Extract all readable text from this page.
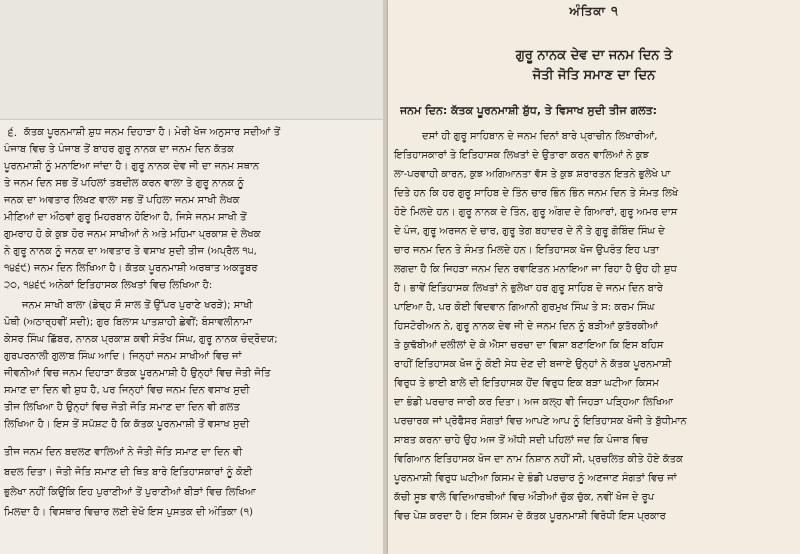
੬. ਕੱਤਕ ਪੂਰਨਮਾਸ਼ੀ ਸ਼ੁਧ ਜਨਮ ਦਿਹਾੜਾ ਹੈ। ਮੇਰੀ ਖੋਜ ਅਨੁਸਾਰ ਸਦੀਆਂ ਤੋਂ
ਪੰਜਾਬ ਵਿਚ ਤੇ ਪੰਜਾਬ ਤੋਂ ਬਾਹਰ ਗੁਰੂ ਨਾਨਕ ਦਾ ਜਨਮ ਦਿਨ ਕੱਤਕ
ਪੂਰਨਮਾਸ਼ੀ ਨੂੰ ਮਨਾਇਆ ਜਾਂਦਾ ਹੈ। ਗੁਰੂ ਨਾਨਕ ਦੇਵ ਜੀ ਦਾ ਜਨਮ ਸਥਾਨ
ਤੇ ਜਨਮ ਦਿਨ ਸਭ ਤੋਂ ਪਹਿਲਾਂ ਤਬਦੀਲ ਕਰਨ ਵਾਲਾ ਤੇ ਗੁਰੂ ਨਾਨਕ ਨੂੰ
ਜਨਕ ਦਾ ਅਵਤਾਰ ਲਿਖਣ ਵਾਲਾ ਸਭ ਤੋਂ ਪਹਿਲਾ ਜਨਮ ਸਾਖੀ ਲੇਖਕ
ਮੀਣਿਆਂ ਦਾ ਔਠਵਾਂ ਗੁਰੂ ਮਿਹਰਬਾਨ ਹੋਇਆ ਹੈ, ਜਿਸੇ ਜਨਮ ਸਾਖੀ ਤੋਂ
ਗੁਮਰਾਹ ਹੋ ਕੇ ਕੁਝ ਹੋਰ ਜਨਮ ਸਾਖੀਆਂ ਨੇ ਅਤੇ ਮਹਿਮਾ ਪ੍ਰਕਾਸ਼ ਦੇ ਲੇਖਕ
ਨੇ ਗੁਰੂ ਨਾਨਕ ਨੂੰ ਜਨਕ ਦਾ ਅਵਤਾਰ ਤੇ ਵਸਾਖ ਸੁਦੀ ਤੀਜ (ਅਪ੍ਰੈਲ ੧੫,
੧੪੬੯) ਜਨਮ ਦਿਨ ਲਿਖਿਆ ਹੈ। ਕੱਤਕ ਪੂਰਨਮਾਸ਼ੀ ਅਰਥਾਤ ਅਕਤੂਬਰ
੨੦, ੧੪੬੯ ਅਨੇਕਾਂ ਇਤਿਹਾਸਕ ਲਿਖਤਾਂ ਵਿਚ ਲਿਖਿਆ ਹੈ:
ਜਨਮ ਸਾਖੀ ਬਾਲਾ (ਡੇਢ੍ਹ ਸੌ ਸਾਲ ਤੋਂ ਉੱਪਰ ਪੁਰਾਣੇ ਖਰੜੇ); ਸਾਖੀ
ਪੋਥੀ (ਅਠਾਰ੍ਹਵੀਂ ਸਦੀ); ਗੁਰ ਬਿਲਾਸ ਪਾਤਸ਼ਾਹੀ ਛੇਵੀਂ; ਬੰਸਾਵਲੀਨਾਮਾ
ਕੇਸਰ ਸਿੰਘ ਛਿੱਬਰ, ਨਾਨਕ ਪ੍ਰਕਾਸ਼ ਕਵੀ ਸੰਤੋਖ ਸਿੰਘ, ਗੁਰੂ ਨਾਨਕ ਚੰਦ੍ਰੋਦਯ;
ਗੁਰਪਰਨਾਲੀ ਗੁਲਾਬ ਸਿੰਘ ਆਦਿ। ਜਿਨ੍ਹਾਂ ਜਨਮ ਸਾਖੀਆਂ ਵਿਚ ਜਾਂ
ਜੀਵਨੀਆਂ ਵਿਚ ਜਨਮ ਦਿਹਾੜਾ ਕੱਤਕ ਪੂਰਨਮਾਸ਼ੀ ਹੈ ਉਨ੍ਹਾਂ ਵਿਚ ਜੋਤੀ ਜੋਤਿ
ਸਮਾਣ ਦਾ ਦਿਨ ਵੀ ਸ਼ੁਧ ਹੈ, ਪਰ ਜਿਨ੍ਹਾਂ ਵਿਚ ਜਨਮ ਦਿਨ ਵਸਾਖ ਸੁਦੀ
ਤੀਜ ਲਿਖਿਆ ਹੈ ਉਨ੍ਹਾਂ ਵਿਚ ਜੋਤੀ ਜੋਤਿ ਸਮਾਣ ਦਾ ਦਿਨ ਵੀ ਗਲਤ
ਲਿਖਿਆ ਹੈ। ਇਸ ਤੋਂ ਸਪੱਸ਼ਟ ਹੈ ਕਿ ਕੱਤਕ ਪੂਰਨਮਾਸ਼ੀ ਤੋਂ ਵਸਾਖ ਸੁਦੀ
ਤੀਜ ਜਨਮ ਦਿਨ ਬਦਲਣ ਵਾਲਿਆਂ ਨੇ ਜੋਤੀ ਜੋਤਿ ਸਮਾਣ ਦਾ ਦਿਨ ਵੀ
ਬਦਲ ਦਿਤਾ। ਜੋਤੀ ਜੋਤਿ ਸਮਾਣ ਦੀ ਥਿਤ ਬਾਰੇ ਇਤਿਹਾਸਕਾਰਾਂ ਨੂੰ ਕੋਈ
ਭੁਲੇਖਾ ਨਹੀਂ ਕਿਉਂਕਿ ਇਹ ਪੁਰਾਣੀਆਂ ਤੋਂ ਪੁਰਾਣੀਆਂ ਬੀੜਾਂ ਵਿਚ ਲਿਖਿਆ
ਮਿਲਦਾ ਹੈ। ਵਿਸਥਾਰ ਵਿਚਾਰ ਲਈ ਦੇਖੋ ਇਸ ਪੁਸਤਕ ਦੀ ਅੰਤਿਕਾ (੧)
ਅੰਤਿਕਾ ੧
ਗੁਰੂ ਨਾਨਕ ਦੇਵ ਦਾ ਜਨਮ ਦਿਨ ਤੇ
ਜੋਤੀ ਜੋਤਿ ਸਮਾਣ ਦਾ ਦਿਨ
ਜਨਮ ਦਿਨ: ਕੱਤਕ ਪੂਰਨਮਾਸ਼ੀ ਸ਼ੁੱਧ, ਤੇ ਵਿਸਾਖ ਸੁਦੀ ਤੀਜ ਗਲਤ:
ਦਸਾਂ ਹੀ ਗੁਰੂ ਸਾਹਿਬਾਨ ਦੇ ਜਨਮ ਦਿਨਾਂ ਬਾਰੇ ਪ੍ਰਾਚੀਨ ਲਿਖਾਰੀਆਂ,
ਇਤਿਹਾਸਕਾਰਾਂ ਤੇ ਇਤਿਹਾਸਕ ਲਿਖਤਾਂ ਦੇ ਉਤਾਰਾ ਕਰਨ ਵਾਲਿਆਂ ਨੇ ਕੁਝ
ਲਾ-ਪਰਵਾਹੀ ਕਾਰਨ, ਕੁਝ ਅਗਿਆਨਤਾ ਵੱਸ ਤੇ ਕੁਝ ਸ਼ਰਾਰਤਨ ਇਤਨੇ ਭੁਲੇਖੇ ਪਾ
ਦਿਤੇ ਹਨ ਕਿ ਹਰ ਗੁਰੂ ਸਾਹਿਬ ਦੇ ਤਿੰਨ ਚਾਰ ਭਿੰਨ ਭਿੰਨ ਜਨਮ ਦਿਨ ਤੇ ਸੰਮਤ ਲਿਖੇ
ਹੋਏ ਮਿਲਦੇ ਹਨ। ਗੁਰੂ ਨਾਨਕ ਦੇ ਤਿੰਨ, ਗੁਰੂ ਅੰਗਦ ਦੇ ਗਿਆਰਾਂ, ਗੁਰੂ ਅਮਰ ਦਾਸ
ਦੇ ਪੰਜ, ਗੁਰੂ ਅਰਜਨ ਦੇ ਚਾਰ, ਗੁਰੂ ਤੇਗ ਬਹਾਦਰ ਦੇ ਨੌਂ ਤੇ ਗੁਰੂ ਗੋਬਿੰਦ ਸਿੰਘ ਦੇ
ਚਾਰ ਜਨਮ ਦਿਨ ਤੇ ਸੰਮਤ ਮਿਲਦੇ ਹਨ। ਇਤਿਹਾਸਕ ਖੋਜ ਉਪਰੰਤ ਇਹ ਪਤਾ
ਲਗਦਾ ਹੈ ਕਿ ਜਿਹੜਾ ਜਨਮ ਦਿਨ ਰਵਾਇਤਨ ਮਨਾਇਆ ਜਾ ਰਿਹਾ ਹੈ ਉਹ ਹੀ ਸ਼ੁਧ
ਹੈ। ਭਾਵੇਂ ਇਤਿਹਾਸਕ ਲਿਖਤਾਂ ਨੇ ਭੁਲੇਖਾ ਹਰ ਗੁਰੂ ਸਾਹਿਬ ਦੇ ਜਨਮ ਦਿਨ ਬਾਰੇ
ਪਾਇਆ ਹੈ, ਪਰ ਕੋਈ ਵਿਦਵਾਨ ਗਿਆਨੀ ਗੁਰਮੁਖ ਸਿੰਘ ਤੇ ਸ: ਕਰਮ ਸਿੰਘ
ਹਿਸਟੋਰੀਅਨ ਨੇ, ਗੁਰੂ ਨਾਨਕ ਦੇਵ ਜੀ ਦੇ ਜਨਮ ਦਿਨ ਨੂੰ ਬੜੀਆਂ ਕੁਤੱਰਕੀਆਂ
ਤੇ ਕੁਢੱਬੀਆਂ ਦਲੀਲਾਂ ਦੇ ਕੇ ਐਸਾ ਚਰਚਾ ਦਾ ਵਿਸ਼ਾ ਬਣਾਇਆ ਕਿ ਇਸ ਬਹਿਸ
ਰਾਹੀਂ ਇਤਿਹਾਸਕ ਖੋਜ ਨੂੰ ਕੋਈ ਸੇਧ ਦੇਣ ਦੀ ਬਜਾਏ ਉਨ੍ਹਾਂ ਨੇ ਕੱਤਕ ਪੂਰਨਮਾਸ਼ੀ
ਵਿਰੁਧ ਤੇ ਭਾਈ ਬਾਲੇ ਦੀ ਇਤਿਹਾਸਕ ਹੋਂਦ ਵਿਰੁਧ ਇਕ ਬੜਾ ਘਟੀਆ ਕਿਸਮ
ਦਾ ਭੰਡੀ ਪਰਚਾਰ ਜਾਰੀ ਕਰ ਦਿਤਾ। ਅਜ ਕਲ੍ਹ ਵੀ ਜਿਹੜਾ ਪੜ੍ਹਿਆ ਲਿਖਿਆ
ਪਰਚਾਰਕ ਜਾਂ ਪ੍ਰੋਫੈਸਰ ਸੰਗਤਾਂ ਵਿਚ ਆਪਣੇ ਆਪ ਨੂੰ ਇਤਿਹਾਸਕ ਖੋਜੀ ਤੇ ਬੁੱਧੀਮਾਨ
ਸਾਬਤ ਕਰਨਾ ਚਾਹੇ ਉਹ ਅਜ ਤੋਂ ਅੱਧੀ ਸਦੀ ਪਹਿਲਾਂ ਜਦ ਕਿ ਪੰਜਾਬ ਵਿਚ
ਵਿਗਿਆਨ ਇਤਿਹਾਸਕ ਖੋਜ ਦਾ ਨਾਮ ਨਿਸ਼ਾਨ ਨਹੀਂ ਸੀ, ਪ੍ਰਚਲਿਤ ਕੀਤੇ ਹੋਏ ਕੱਤਕ
ਪੂਰਨਮਾਸ਼ੀ ਵਿਰੁਧ ਘਟੀਆ ਕਿਸਮ ਦੇ ਭੰਡੀ ਪਰਚਾਰ ਨੂੰ ਅਣਜਾਣ ਸੰਗਤਾਂ ਵਿਚ ਜਾਂ
ਕੱਚੀ ਸੂਝ ਵਾਲੇ ਵਿਦਿਆਰਥੀਆਂ ਵਿਚ ਔੜੀਆਂ ਚੁੱਕ ਚੁੱਕ, ਨਵੀਂ ਖੋਜ ਦੇ ਰੂਪ
ਵਿਚ ਪੇਸ਼ ਕਰਦਾ ਹੈ। ਇਸ ਕਿਸਮ ਦੇ ਕੱਤਕ ਪੂਰਨਮਾਸ਼ੀ ਵਿਰੋਧੀ ਇਸ ਪ੍ਰਕਾਰ
